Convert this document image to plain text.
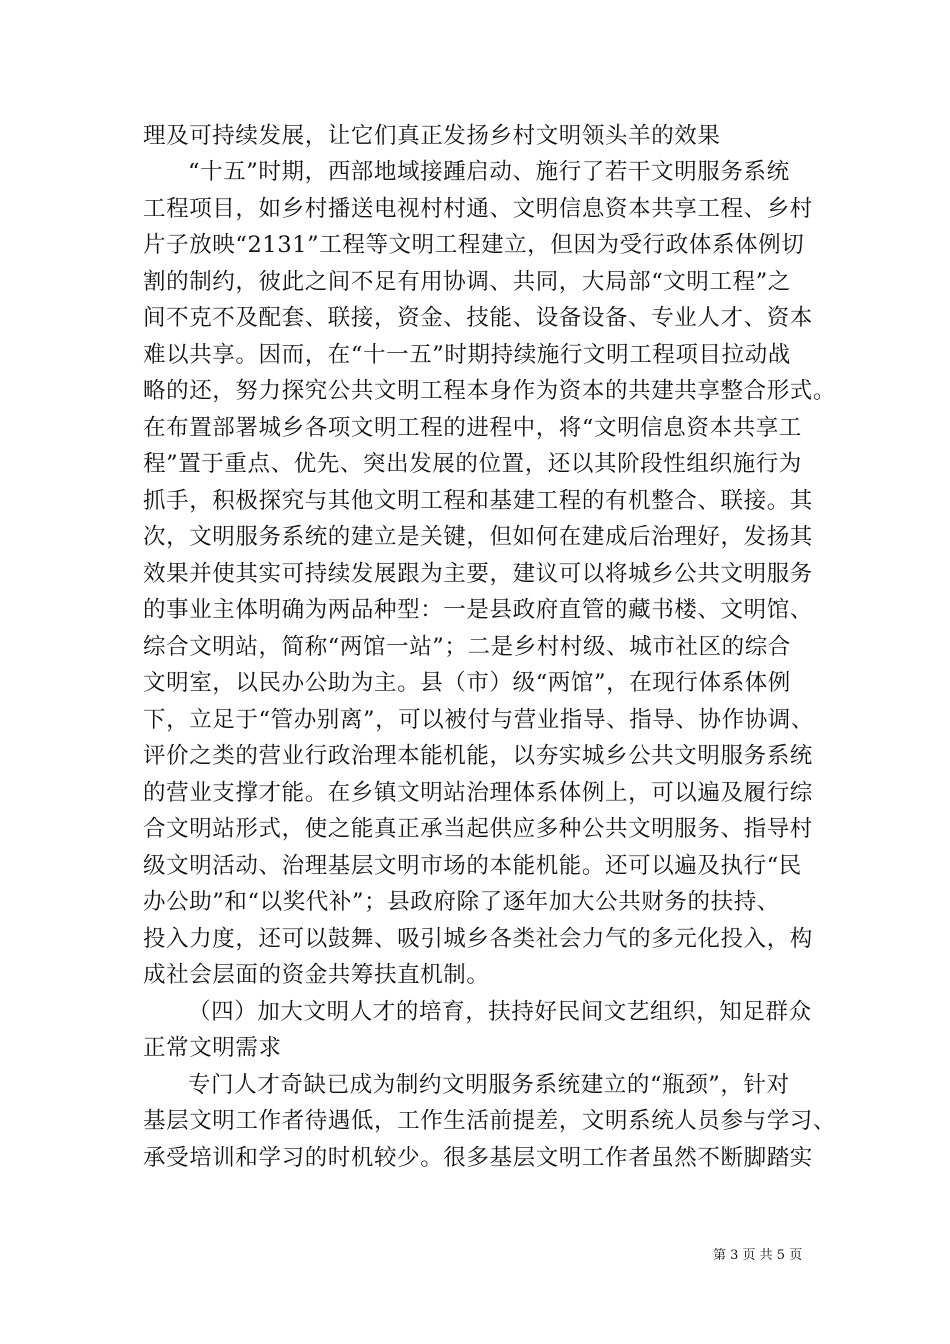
理及可持续发展，让它们真正发扬乡村文明领头羊的效果
“十五”时期，西部地域接踵启动、施行了若干文明服务系统
工程项目，如乡村播送电视村村通、文明信息资本共享工程、乡村
片子放映“2131”工程等文明工程建立，但因为受行政体系体例切
割的制约，彼此之间不足有用协调、共同，大局部“文明工程”之
间不克不及配套、联接，资金、技能、设备设备、专业人才、资本
难以共享。因而，在“十一五”时期持续施行文明工程项目拉动战
略的还，努力探究公共文明工程本身作为资本的共建共享整合形式。
在布置部署城乡各项文明工程的进程中，将“文明信息资本共享工
程”置于重点、优先、突出发展的位置，还以其阶段性组织施行为
抓手，积极探究与其他文明工程和基建工程的有机整合、联接。其
次，文明服务系统的建立是关键，但如何在建成后治理好，发扬其
效果并使其实可持续发展跟为主要，建议可以将城乡公共文明服务
的事业主体明确为两品种型：一是县政府直管的藏书楼、文明馆、
综合文明站，简称“两馆一站”；二是乡村村级、城市社区的综合
文明室，以民办公助为主。县（市）级“两馆”，在现行体系体例
下，立足于“管办别离”，可以被付与营业指导、指导、协作协调、
评价之类的营业行政治理本能机能，以夯实城乡公共文明服务系统
的营业支撑才能。在乡镇文明站治理体系体例上，可以遍及履行综
合文明站形式，使之能真正承当起供应多种公共文明服务、指导村
级文明活动、治理基层文明市场的本能机能。还可以遍及执行“民
办公助”和“以奖代补”；县政府除了逐年加大公共财务的扶持、
投入力度，还可以鼓舞、吸引城乡各类社会力气的多元化投入，构
成社会层面的资金共筹扶直机制。
（四）加大文明人才的培育，扶持好民间文艺组织，知足群众
正常文明需求
专门人才奇缺已成为制约文明服务系统建立的“瓶颈”，针对
基层文明工作者待遇低，工作生活前提差，文明系统人员参与学习、
承受培训和学习的时机较少。很多基层文明工作者虽然不断脚踏实
第 3 页 共 5 页
